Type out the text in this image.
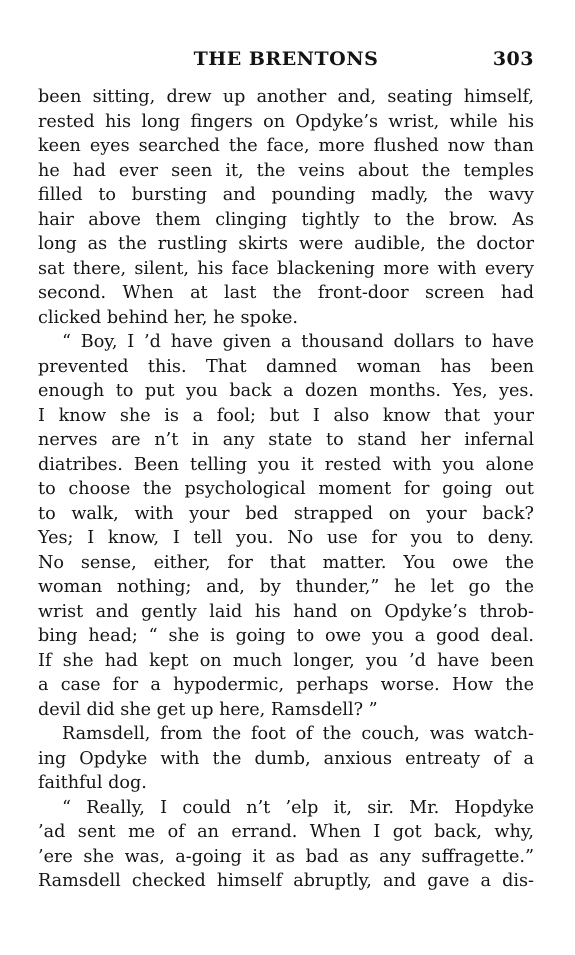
THE BRENTONS	303
been sitting, drew up another and, seating himself,
rested his long fingers on Opdyke’s wrist, while his
keen eyes searched the face, more flushed now than
he had ever seen it, the veins about the temples
filled to bursting and pounding madly, the wavy
hair above them clinging tightly to the brow. As
long as the rustling skirts were audible, the doctor
sat there, silent, his face blackening more with every
second. When at last the front-door screen had
clicked behind her, he spoke.
“ Boy, I ’d have given a thousand dollars to have
prevented this. That damned woman has been
enough to put you back a dozen months. Yes, yes.
I know she is a fool; but I also know that your
nerves are n’t in any state to stand her infernal
diatribes. Been telling you it rested with you alone
to choose the psychological moment for going out
to walk, with your bed strapped on your back?
Yes; I know, I tell you. No use for you to deny.
No sense, either, for that matter. You owe the
woman nothing; and, by thunder,” he let go the
wrist and gently laid his hand on Opdyke’s throb-
bing head; “ she is going to owe you a good deal.
If she had kept on much longer, you ’d have been
a case for a hypodermic, perhaps worse. How the
devil did she get up here, Ramsdell? ”
Ramsdell, from the foot of the couch, was watch-
ing Opdyke with the dumb, anxious entreaty of a
faithful dog.
“ Really, I could n’t ’elp it, sir. Mr. Hopdyke
’ad sent me of an errand. When I got back, why,
’ere she was, a-going it as bad as any suffragette.”
Ramsdell checked himself abruptly, and gave a dis-
